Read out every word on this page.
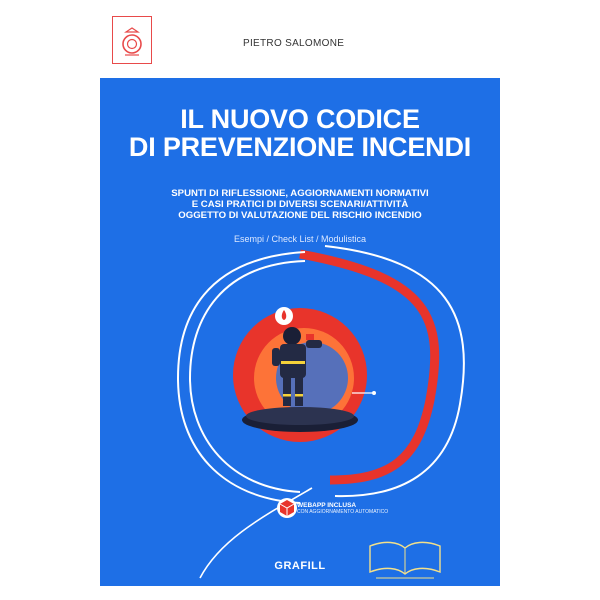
PIETRO SALOMONE
IL NUOVO CODICE
DI PREVENZIONE INCENDI
SPUNTI DI RIFLESSIONE, AGGIORNAMENTI NORMATIVI
E CASI PRATICI DI DIVERSI SCENARI/ATTIVITÀ
OGGETTO DI VALUTAZIONE DEL RISCHIO INCENDIO
Esempi / Check List / Modulistica
WEBAPP INCLUSA
CON AGGIORNAMENTO AUTOMATICO
GRAFILL
